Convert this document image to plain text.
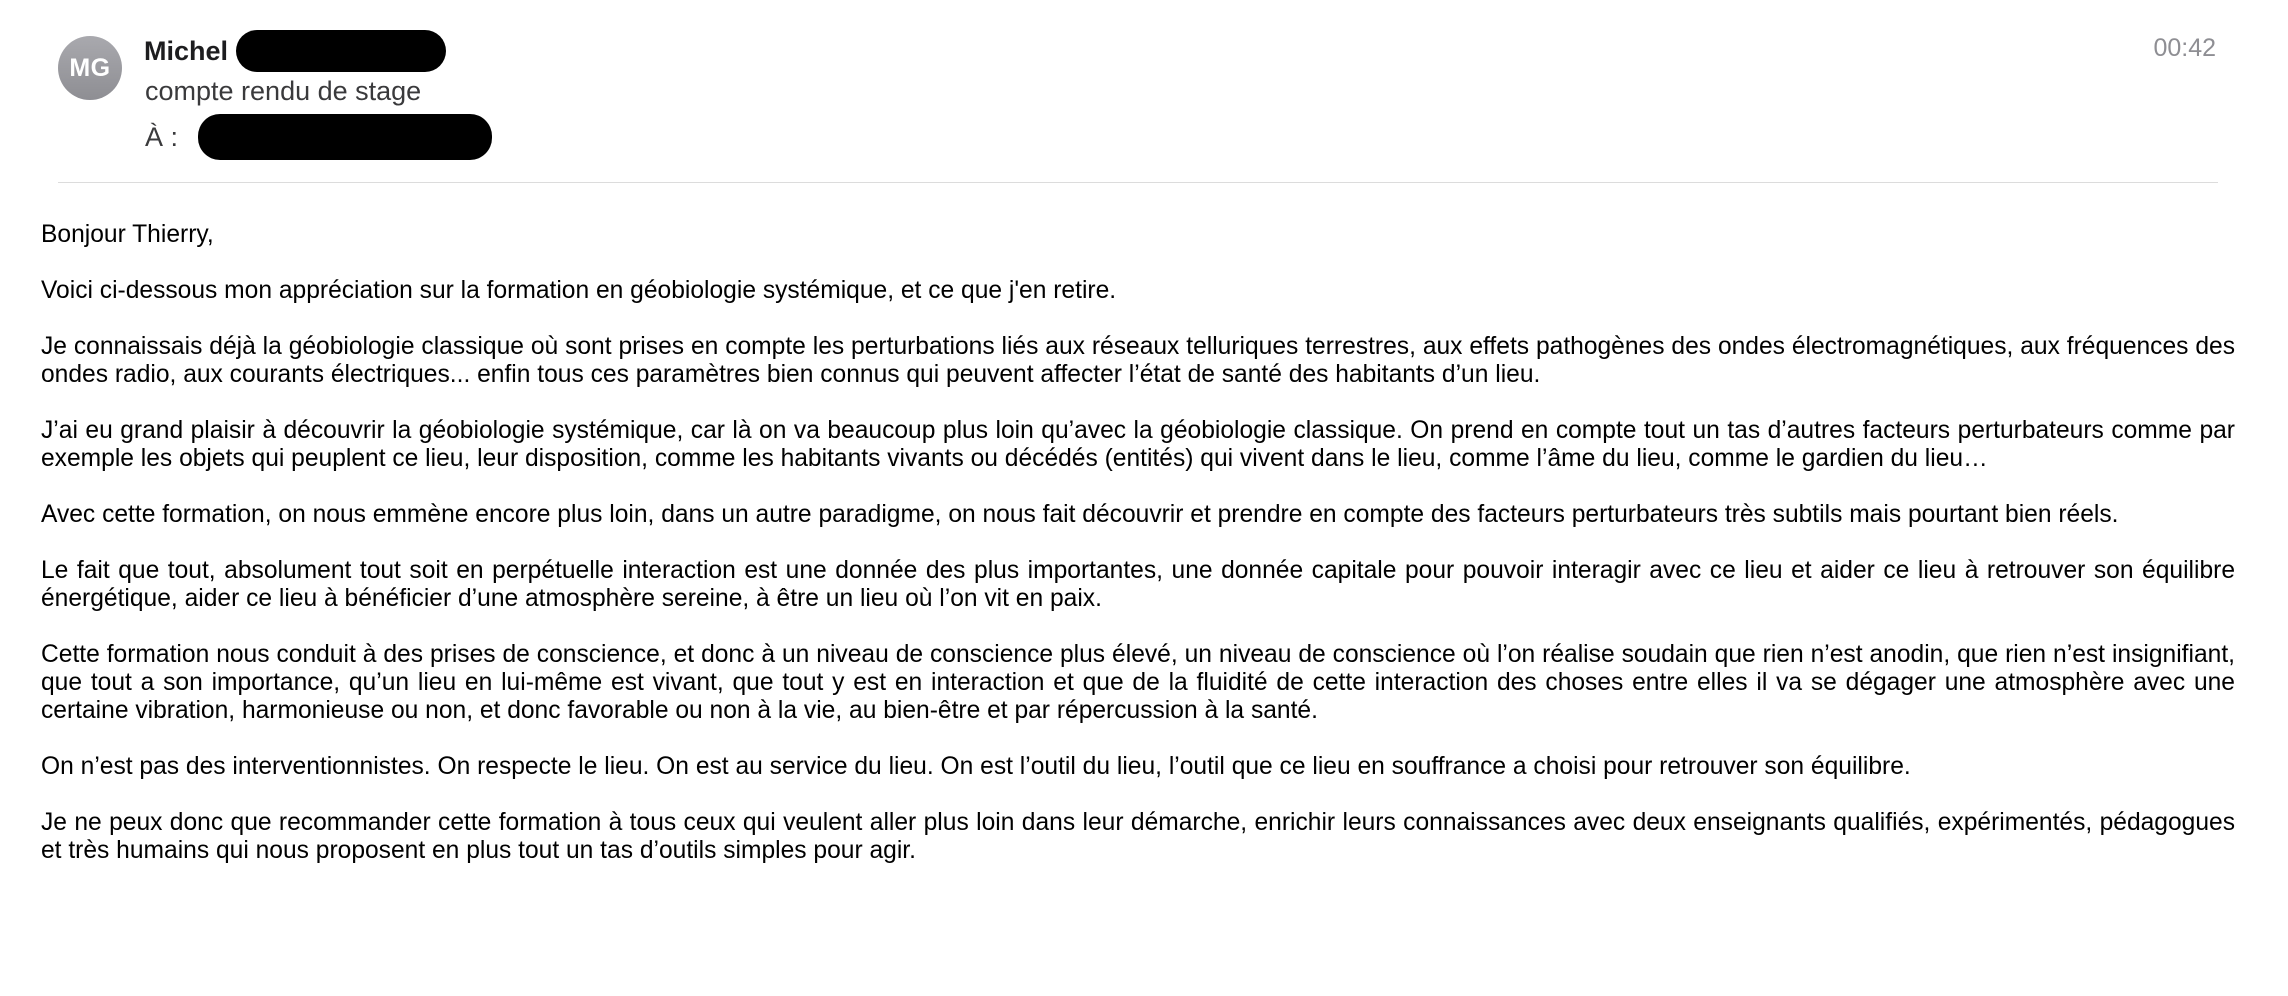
MG
Michel
compte rendu de stage
À :
00:42

Bonjour Thierry,

Voici ci-dessous mon appréciation sur la formation en géobiologie systémique, et ce que j'en retire.

Je connaissais déjà la géobiologie classique où sont prises en compte les perturbations liés aux réseaux telluriques terrestres, aux effets pathogènes des ondes électromagnétiques, aux fréquences des ondes radio, aux courants électriques... enfin tous ces paramètres bien connus qui peuvent affecter l’état de santé des habitants d’un lieu.

J’ai eu grand plaisir à découvrir la géobiologie systémique, car là on va beaucoup plus loin qu’avec la géobiologie classique. On prend en compte tout un tas d’autres facteurs perturbateurs comme par exemple les objets qui peuplent ce lieu, leur disposition, comme les habitants vivants ou décédés (entités) qui vivent dans le lieu, comme l’âme du lieu, comme le gardien du lieu…

Avec cette formation, on nous emmène encore plus loin, dans un autre paradigme, on nous fait découvrir et prendre en compte des facteurs perturbateurs très subtils mais pourtant bien réels.

Le fait que tout, absolument tout soit en perpétuelle interaction est une donnée des plus importantes, une donnée capitale pour pouvoir interagir avec ce lieu et aider ce lieu à retrouver son équilibre énergétique, aider ce lieu à bénéficier d’une atmosphère sereine, à être un lieu où l’on vit en paix.

Cette formation nous conduit à des prises de conscience, et donc à un niveau de conscience plus élevé, un niveau de conscience où l’on réalise soudain que rien n’est anodin, que rien n’est insignifiant, que tout a son importance, qu’un lieu en lui-même est vivant, que tout y est en interaction et que de la fluidité de cette interaction des choses entre elles il va se dégager une atmosphère avec une certaine vibration, harmonieuse ou non, et donc favorable ou non à la vie, au bien-être et par répercussion à la santé.

On n’est pas des interventionnistes. On respecte le lieu. On est au service du lieu. On est l’outil du lieu, l’outil que ce lieu en souffrance a choisi pour retrouver son équilibre.

Je ne peux donc que recommander cette formation à tous ceux qui veulent aller plus loin dans leur démarche, enrichir leurs connaissances avec deux enseignants qualifiés, expérimentés, pédagogues et très humains qui nous proposent en plus tout un tas d’outils simples pour agir.
